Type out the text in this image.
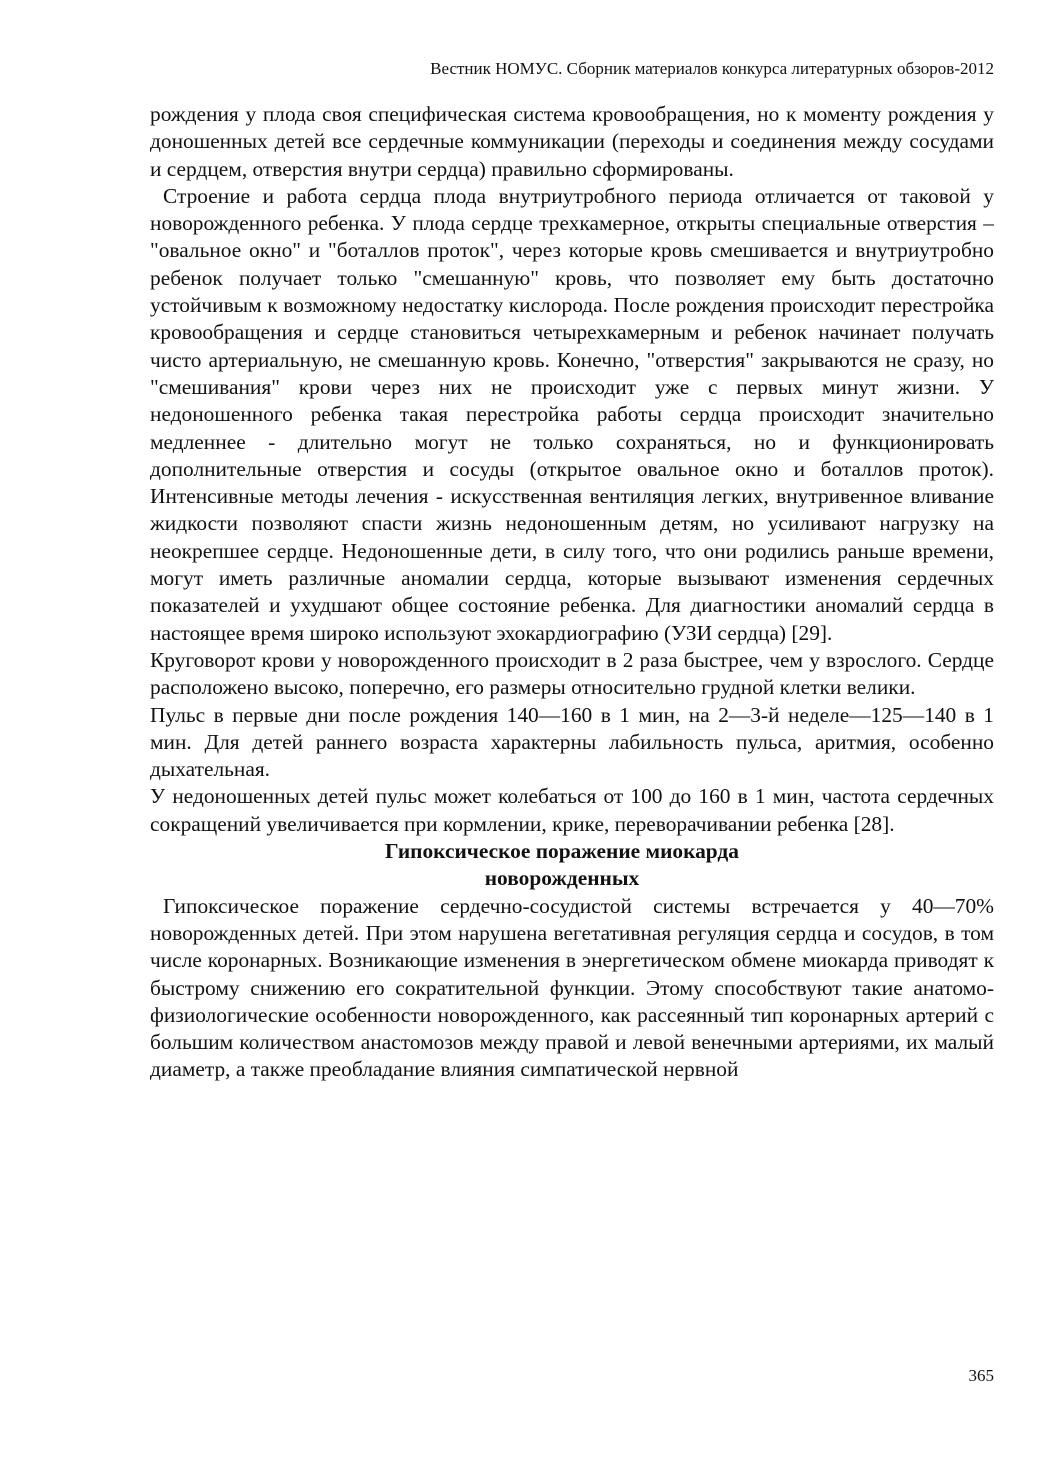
Вестник НОМУС. Сборник материалов конкурса литературных обзоров-2012

рождения у плода своя специфическая система кровообращения, но к моменту рождения у доношенных детей все сердечные коммуникации (переходы и соединения между сосудами и сердцем, отверстия внутри сердца) правильно сформированы.

Строение и работа сердца плода внутриутробного периода отличается от таковой у новорожденного ребенка. У плода сердце трехкамерное, открыты специальные отверстия – "овальное окно" и "боталлов проток", через которые кровь смешивается и внутриутробно ребенок получает только "смешанную" кровь, что позволяет ему быть достаточно устойчивым к возможному недостатку кислорода. После рождения происходит перестройка кровообращения и сердце становиться четырехкамерным и ребенок начинает получать чисто артериальную, не смешанную кровь. Конечно, "отверстия" закрываются не сразу, но "смешивания" крови через них не происходит уже с первых минут жизни. У недоношенного ребенка такая перестройка работы сердца происходит значительно медленнее - длительно могут не только сохраняться, но и функционировать дополнительные отверстия и сосуды (открытое овальное окно и боталлов проток). Интенсивные методы лечения - искусственная вентиляция легких, внутривенное вливание жидкости позволяют спасти жизнь недоношенным детям, но усиливают нагрузку на неокрепшее сердце. Недоношенные дети, в силу того, что они родились раньше времени, могут иметь различные аномалии сердца, которые вызывают изменения сердечных показателей и ухудшают общее состояние ребенка. Для диагностики аномалий сердца в настоящее время широко используют эхокардиографию (УЗИ сердца) [29].

Круговорот крови у новорожденного происходит в 2 раза быстрее, чем у взрослого. Сердце расположено высоко, поперечно, его размеры относительно грудной клетки велики.

Пульс в первые дни после рождения 140—160 в 1 мин, на 2—3-й неделе—125—140 в 1 мин. Для детей раннего возраста характерны лабильность пульса, аритмия, особенно дыхательная.

У недоношенных детей пульс может колебаться от 100 до 160 в 1 мин, частота сердечных сокращений увеличивается при кормлении, крике, переворачивании ребенка [28].

Гипоксическое поражение миокарда
новорожденных

Гипоксическое поражение сердечно-сосудистой системы встречается у 40—70% новорожденных детей. При этом нарушена вегетативная регуляция сердца и сосудов, в том числе коронарных. Возникающие изменения в энергетическом обмене миокарда приводят к быстрому снижению его сократительной функции. Этому способствуют такие анатомо-физиологические особенности новорожденного, как рассеянный тип коронарных артерий с большим количеством анастомозов между правой и левой венечными артериями, их малый диаметр, а также преобладание влияния симпатической нервной

365
